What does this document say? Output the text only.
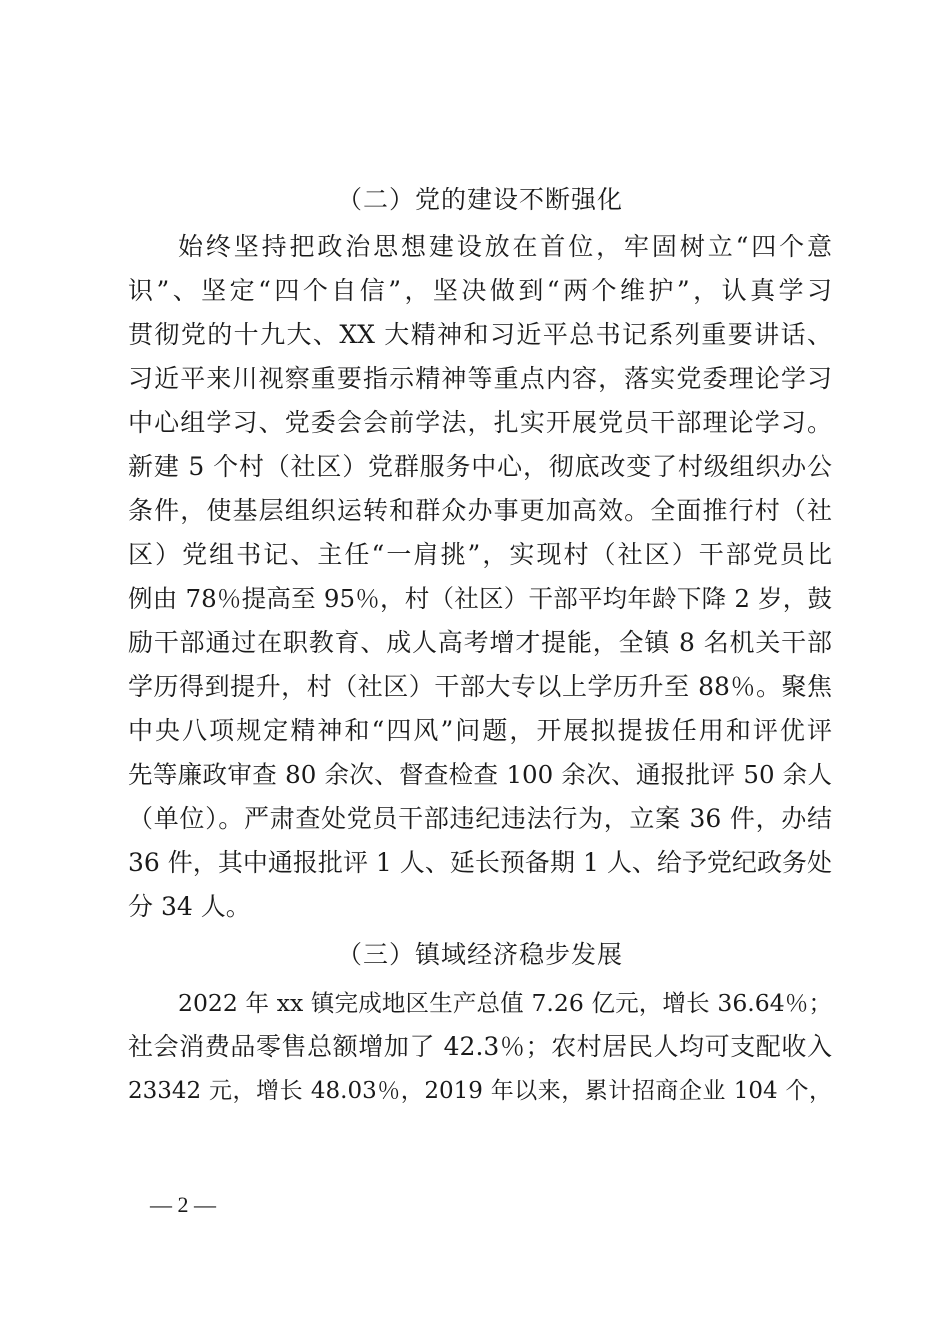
（二）党的建设不断强化
始终坚持把政治思想建设放在首位，牢固树立“四个意
识”、坚定“四个自信”，坚决做到“两个维护”，认真学习
贯彻党的十九大、XX 大精神和习近平总书记系列重要讲话、
习近平来川视察重要指示精神等重点内容，落实党委理论学习
中心组学习、党委会会前学法，扎实开展党员干部理论学习。
新建 5 个村（社区）党群服务中心，彻底改变了村级组织办公
条件，使基层组织运转和群众办事更加高效。全面推行村（社
区）党组书记、主任“一肩挑”，实现村（社区）干部党员比
例由 78％提高至 95％，村（社区）干部平均年龄下降 2 岁，鼓
励干部通过在职教育、成人高考增才提能，全镇 8 名机关干部
学历得到提升，村（社区）干部大专以上学历升至 88％。聚焦
中央八项规定精神和“四风”问题，开展拟提拔任用和评优评
先等廉政审查 80 余次、督查检查 100 余次、通报批评 50 余人
（单位）。严肃查处党员干部违纪违法行为，立案 36 件，办结
36 件，其中通报批评 1 人、延长预备期 1 人、给予党纪政务处
分 34 人。
（三）镇域经济稳步发展
2022 年 xx 镇完成地区生产总值 7.26 亿元，增长 36.64％；
社会消费品零售总额增加了 42.3％；农村居民人均可支配收入
23342 元，增长 48.03％，2019 年以来，累计招商企业 104 个，
— 2 —
